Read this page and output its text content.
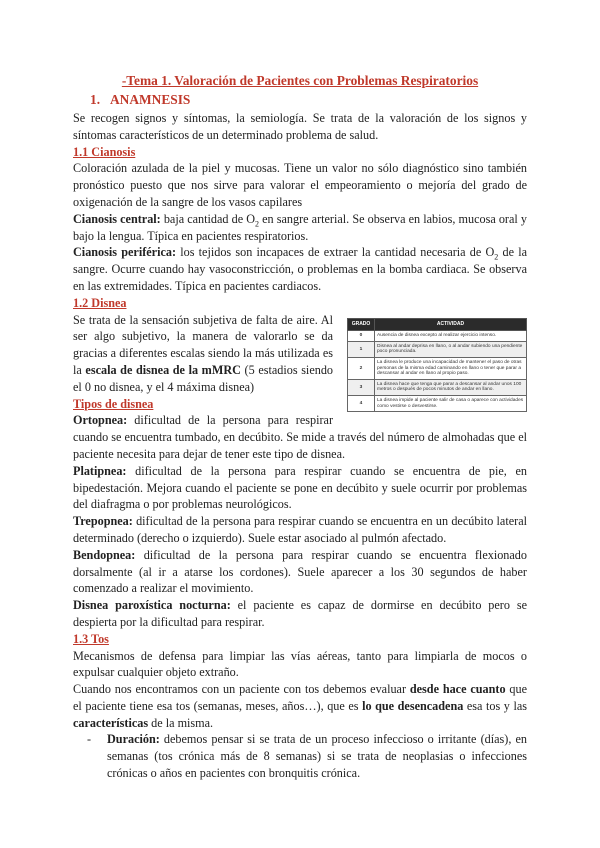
-Tema 1. Valoración de Pacientes con Problemas Respiratorios

1. ANAMNESIS

Se recogen signos y síntomas, la semiología. Se trata de la valoración de los signos y síntomas característicos de un determinado problema de salud.

1.1 Cianosis

Coloración azulada de la piel y mucosas. Tiene un valor no sólo diagnóstico sino también pronóstico puesto que nos sirve para valorar el empeoramiento o mejoría del grado de oxigenación de la sangre de los vasos capilares

Cianosis central: baja cantidad de $O_2$ en sangre arterial. Se observa en labios, mucosa oral y bajo la lengua. Típica en pacientes respiratorios.

Cianosis periférica: los tejidos son incapaces de extraer la cantidad necesaria de $O_2$ de la sangre. Ocurre cuando hay vasoconstricción, o problemas en la bomba cardiaca. Se observa en las extremidades. Típica en pacientes cardiacos.

1.2 Disnea

GRADO	ACTIVIDAD
0	Ausencia de disnea excepto al realizar ejercicio intenso.
1	Disnea al andar deprisa en llano, o al andar subiendo una pendiente poco pronunciada.
2	La disnea le produce una incapacidad de mantener el paso de otras personas de la misma edad caminando en llano o tener que parar a descansar al andar en llano al propio paso.
3	La disnea hace que tenga que parar a descansar al andar unos 100 metros o después de pocos minutos de andar en llano.
4	La disnea impide al paciente salir de casa o aparece con actividades como vestirse o desvestirse.

Se trata de la sensación subjetiva de falta de aire. Al ser algo subjetivo, la manera de valorarlo se da gracias a diferentes escalas siendo la más utilizada es la escala de disnea de la mMRC (5 estadios siendo el 0 no disnea, y el 4 máxima disnea)

Tipos de disnea

Ortopnea: dificultad de la persona para respirar cuando se encuentra tumbado, en decúbito. Se mide a través del número de almohadas que el paciente necesita para dejar de tener este tipo de disnea.

Platipnea: dificultad de la persona para respirar cuando se encuentra de pie, en bipedestación. Mejora cuando el paciente se pone en decúbito y suele ocurrir por problemas del diafragma o por problemas neurológicos.

Trepopnea: dificultad de la persona para respirar cuando se encuentra en un decúbito lateral determinado (derecho o izquierdo). Suele estar asociado al pulmón afectado.

Bendopnea: dificultad de la persona para respirar cuando se encuentra flexionado dorsalmente (al ir a atarse los cordones). Suele aparecer a los 30 segundos de haber comenzado a realizar el movimiento.

Disnea paroxística nocturna: el paciente es capaz de dormirse en decúbito pero se despierta por la dificultad para respirar.

1.3 Tos

Mecanismos de defensa para limpiar las vías aéreas, tanto para limpiarla de mocos o expulsar cualquier objeto extraño.

Cuando nos encontramos con un paciente con tos debemos evaluar desde hace cuanto que el paciente tiene esa tos (semanas, meses, años…), que es lo que desencadena esa tos y las características de la misma.

- Duración: debemos pensar si se trata de un proceso infeccioso o irritante (días), en semanas (tos crónica más de 8 semanas) si se trata de neoplasias o infecciones crónicas o años en pacientes con bronquitis crónica.
